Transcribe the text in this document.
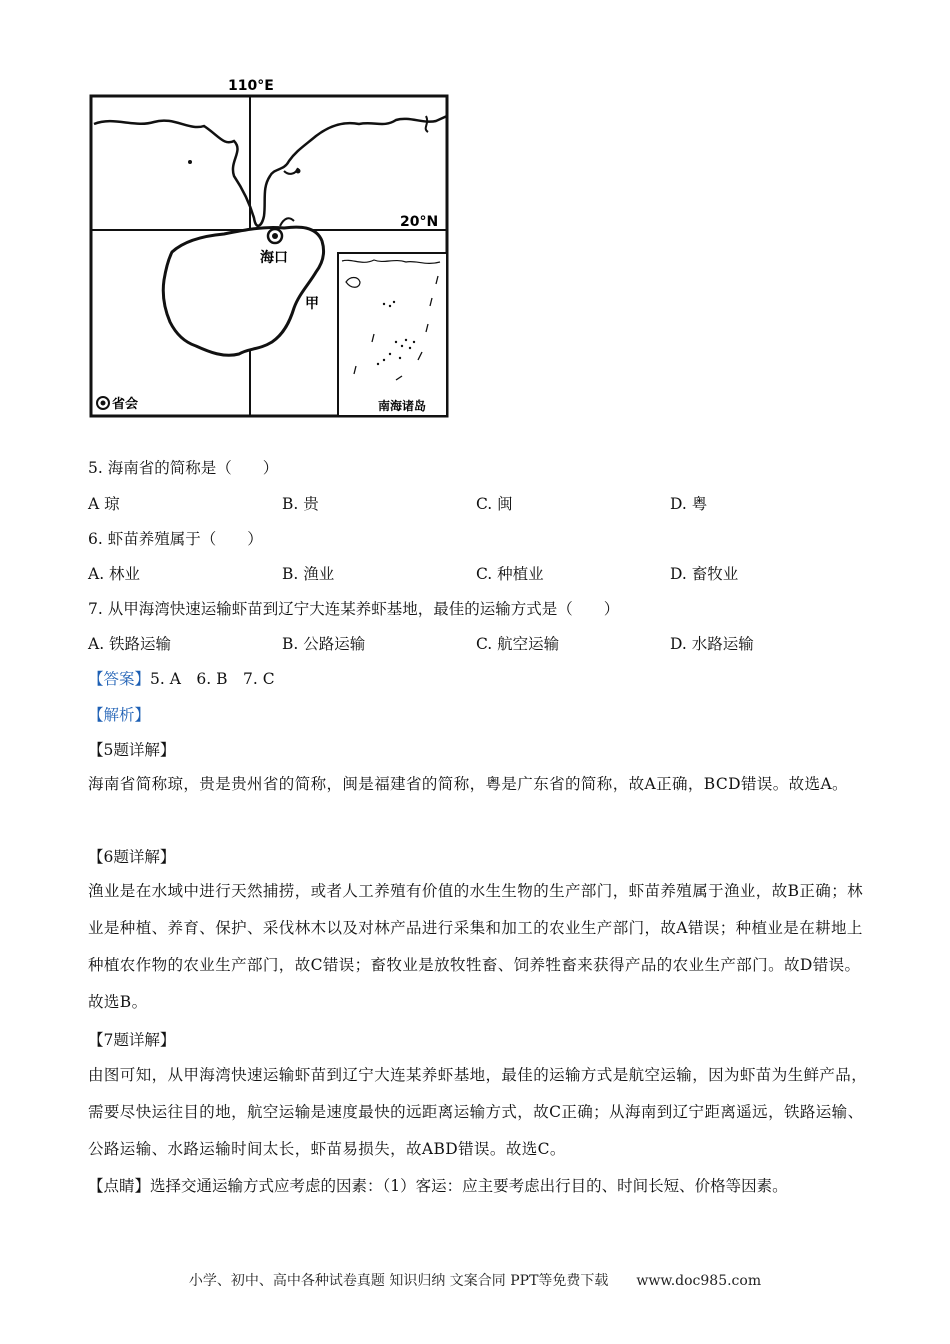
海口
甲
110°E
20°N
省会	南海诸岛
5. 海南省的简称是（　　）
A 琼	B. 贵	C. 闽	D. 粤
6. 虾苗养殖属于（　　）
A. 林业	B. 渔业	C. 种植业	D. 畜牧业
7. 从甲海湾快速运输虾苗到辽宁大连某养虾基地，最佳的运输方式是（　　）
A. 铁路运输	B. 公路运输	C. 航空运输	D. 水路运输
【答案】5. A　6. B　7. C
【解析】
【5题详解】
海南省简称琼，贵是贵州省的简称，闽是福建省的简称，粤是广东省的简称，故A正确，BCD错误。故选A。
【6题详解】
渔业是在水域中进行天然捕捞，或者人工养殖有价值的水生生物的生产部门，虾苗养殖属于渔业，故B正确；林业是种植、养育、保护、采伐林木以及对林产品进行采集和加工的农业生产部门，故A错误；种植业是在耕地上种植农作物的农业生产部门，故C错误；畜牧业是放牧牲畜、饲养牲畜来获得产品的农业生产部门。故D错误。故选B。
【7题详解】
由图可知，从甲海湾快速运输虾苗到辽宁大连某养虾基地，最佳的运输方式是航空运输，因为虾苗为生鲜产品，需要尽快运往目的地，航空运输是速度最快的远距离运输方式，故C正确；从海南到辽宁距离遥远，铁路运输、公路运输、水路运输时间太长，虾苗易损失，故ABD错误。故选C。
【点睛】选择交通运输方式应考虑的因素：（1）客运：应主要考虑出行目的、时间长短、价格等因素。
小学、初中、高中各种试卷真题 知识归纳 文案合同 PPT等免费下载　　www.doc985.com
